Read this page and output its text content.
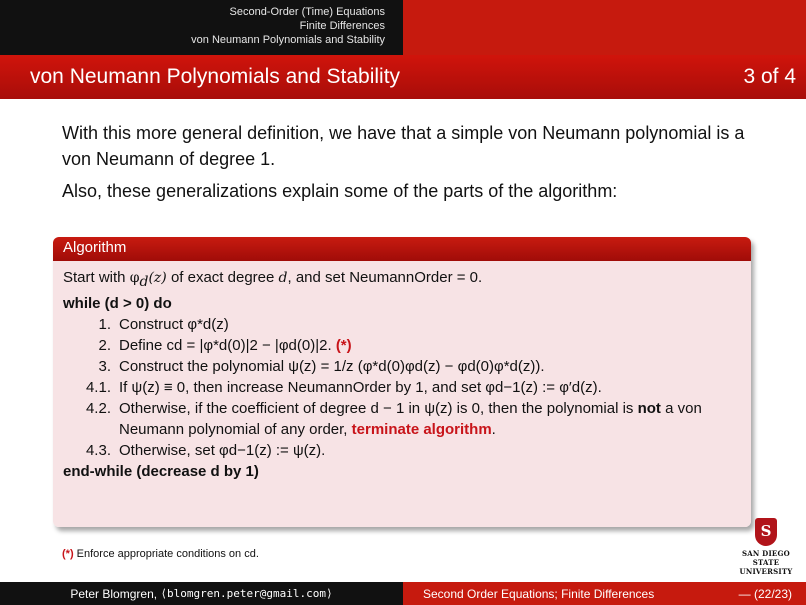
Second-Order (Time) Equations
Finite Differences
von Neumann Polynomials and Stability
von Neumann Polynomials and Stability	3 of 4

With this more general definition, we have that a simple von Neumann polynomial is a von Neumann of degree 1.

Also, these generalizations explain some of the parts of the algorithm:

Algorithm
Start with $\varphi_d(z)$ of exact degree d, and set NeumannOrder = 0.
while (d > 0) do
1. Construct φ*d(z)
2. Define cd = |φ*d(0)|2 − |φd(0)|2. (*)
3. Construct the polynomial ψ(z) = 1/z (φ*d(0)φd(z) − φd(0)φ*d(z)).
4.1. If ψ(z) ≡ 0, then increase NeumannOrder by 1, and set φd−1(z) := φ′d(z).
4.2. Otherwise, if the coefficient of degree d − 1 in ψ(z) is 0, then the polynomial is not a von Neumann polynomial of any order, terminate algorithm.
4.3. Otherwise, set φd−1(z) := ψ(z).
end-while (decrease d by 1)
(*) Enforce appropriate conditions on cd.
S
SAN DIEGO STATE
UNIVERSITY
Peter Blomgren,
⟨blomgren.peter@gmail.com⟩	Second Order Equations; Finite Differences	— (22/23)
